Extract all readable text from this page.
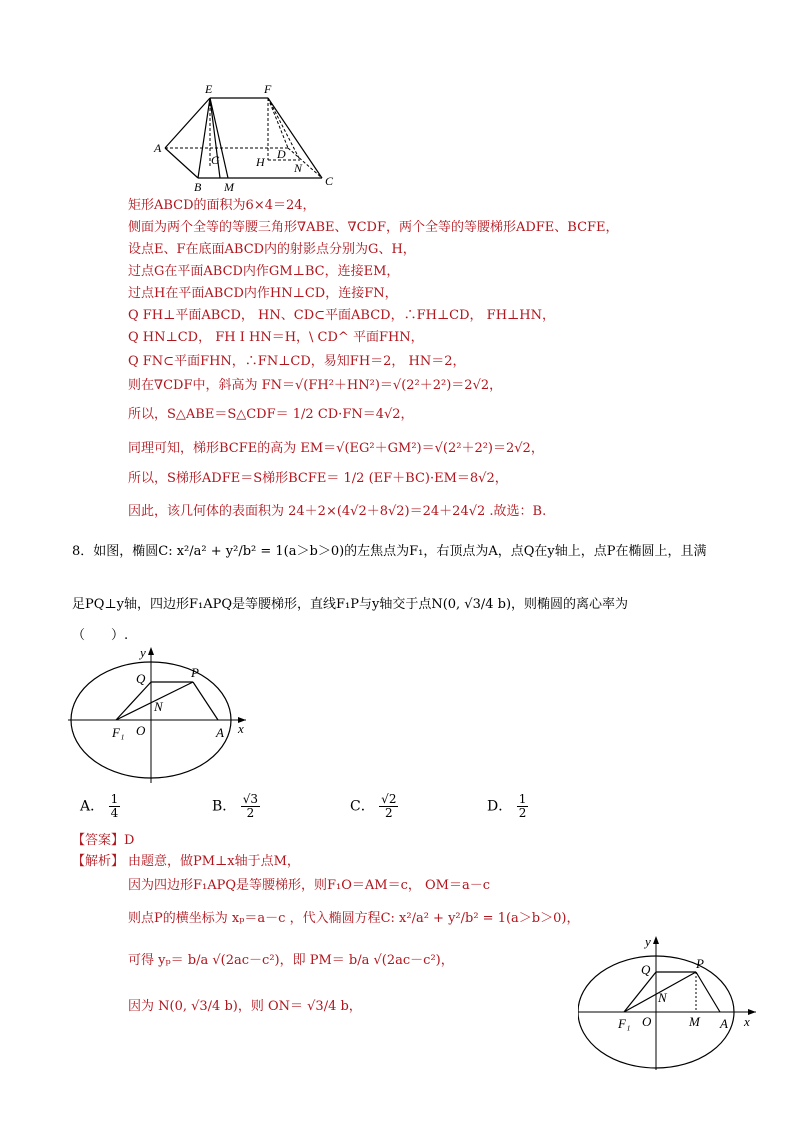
E	F
A	D
G	H N
B M	C
矩形ABCD的面积为6×4＝24，
侧面为两个全等的等腰三角形∇ABE、∇CDF，两个全等的等腰梯形ADFE、BCFE，
设点E、F在底面ABCD内的射影点分别为G、H，
过点G在平面ABCD内作GM⊥BC，连接EM，
过点H在平面ABCD内作HN⊥CD，连接FN，
Q FH⊥平面ABCD， HN、CD⊂平面ABCD，∴FH⊥CD， FH⊥HN，
Q HN⊥CD， FH I HN＝H，\ CD^ 平面FHN，
Q FN⊂平面FHN，∴FN⊥CD，易知FH＝2， HN＝2，
则在∇CDF中，斜高为 FN＝√(FH²＋HN²)＝√(2²＋2²)＝2√2，
所以，S△ABE＝S△CDF＝ 1/2 CD·FN＝4√2，
同理可知，梯形BCFE的高为 EM＝√(EG²＋GM²)＝√(2²＋2²)＝2√2，
所以，S梯形ADFE＝S梯形BCFE＝ 1/2 (EF＋BC)·EM＝8√2，
因此，该几何体的表面积为 24＋2×(4√2＋8√2)＝24＋24√2 .故选：B.
8．如图，椭圆C: x²/a² + y²/b² = 1(a＞b＞0)的左焦点为F₁，右顶点为A，点Q在y轴上，点P在椭圆上，且满
足PQ⊥y轴，四边形F₁APQ是等腰梯形，直线F₁P与y轴交于点N(0, √3/4 b)，则椭圆的离心率为
（　　）.
y
Q	P
N
F₁ O	A x
A． $\frac{1}{4}$	B． $\frac{√3}{2}$	C． $\frac{√2}{2}$	D． $\frac{1}{2}$
【答案】D
【解析】 由题意，做PM⊥x轴于点M，
因为四边形F₁APQ是等腰梯形，则F₁O＝AM＝c， OM＝a－c
则点P的横坐标为 xₚ＝a－c ，代入椭圆方程C: x²/a² + y²/b² = 1(a＞b＞0)，
可得 yₚ＝ b/a √(2ac－c²)，即 PM＝ b/a √(2ac－c²)，
因为 N(0, √3/4 b)，则 ON＝ √3/4 b，
y
Q	P
N
F₁ O	M A x
